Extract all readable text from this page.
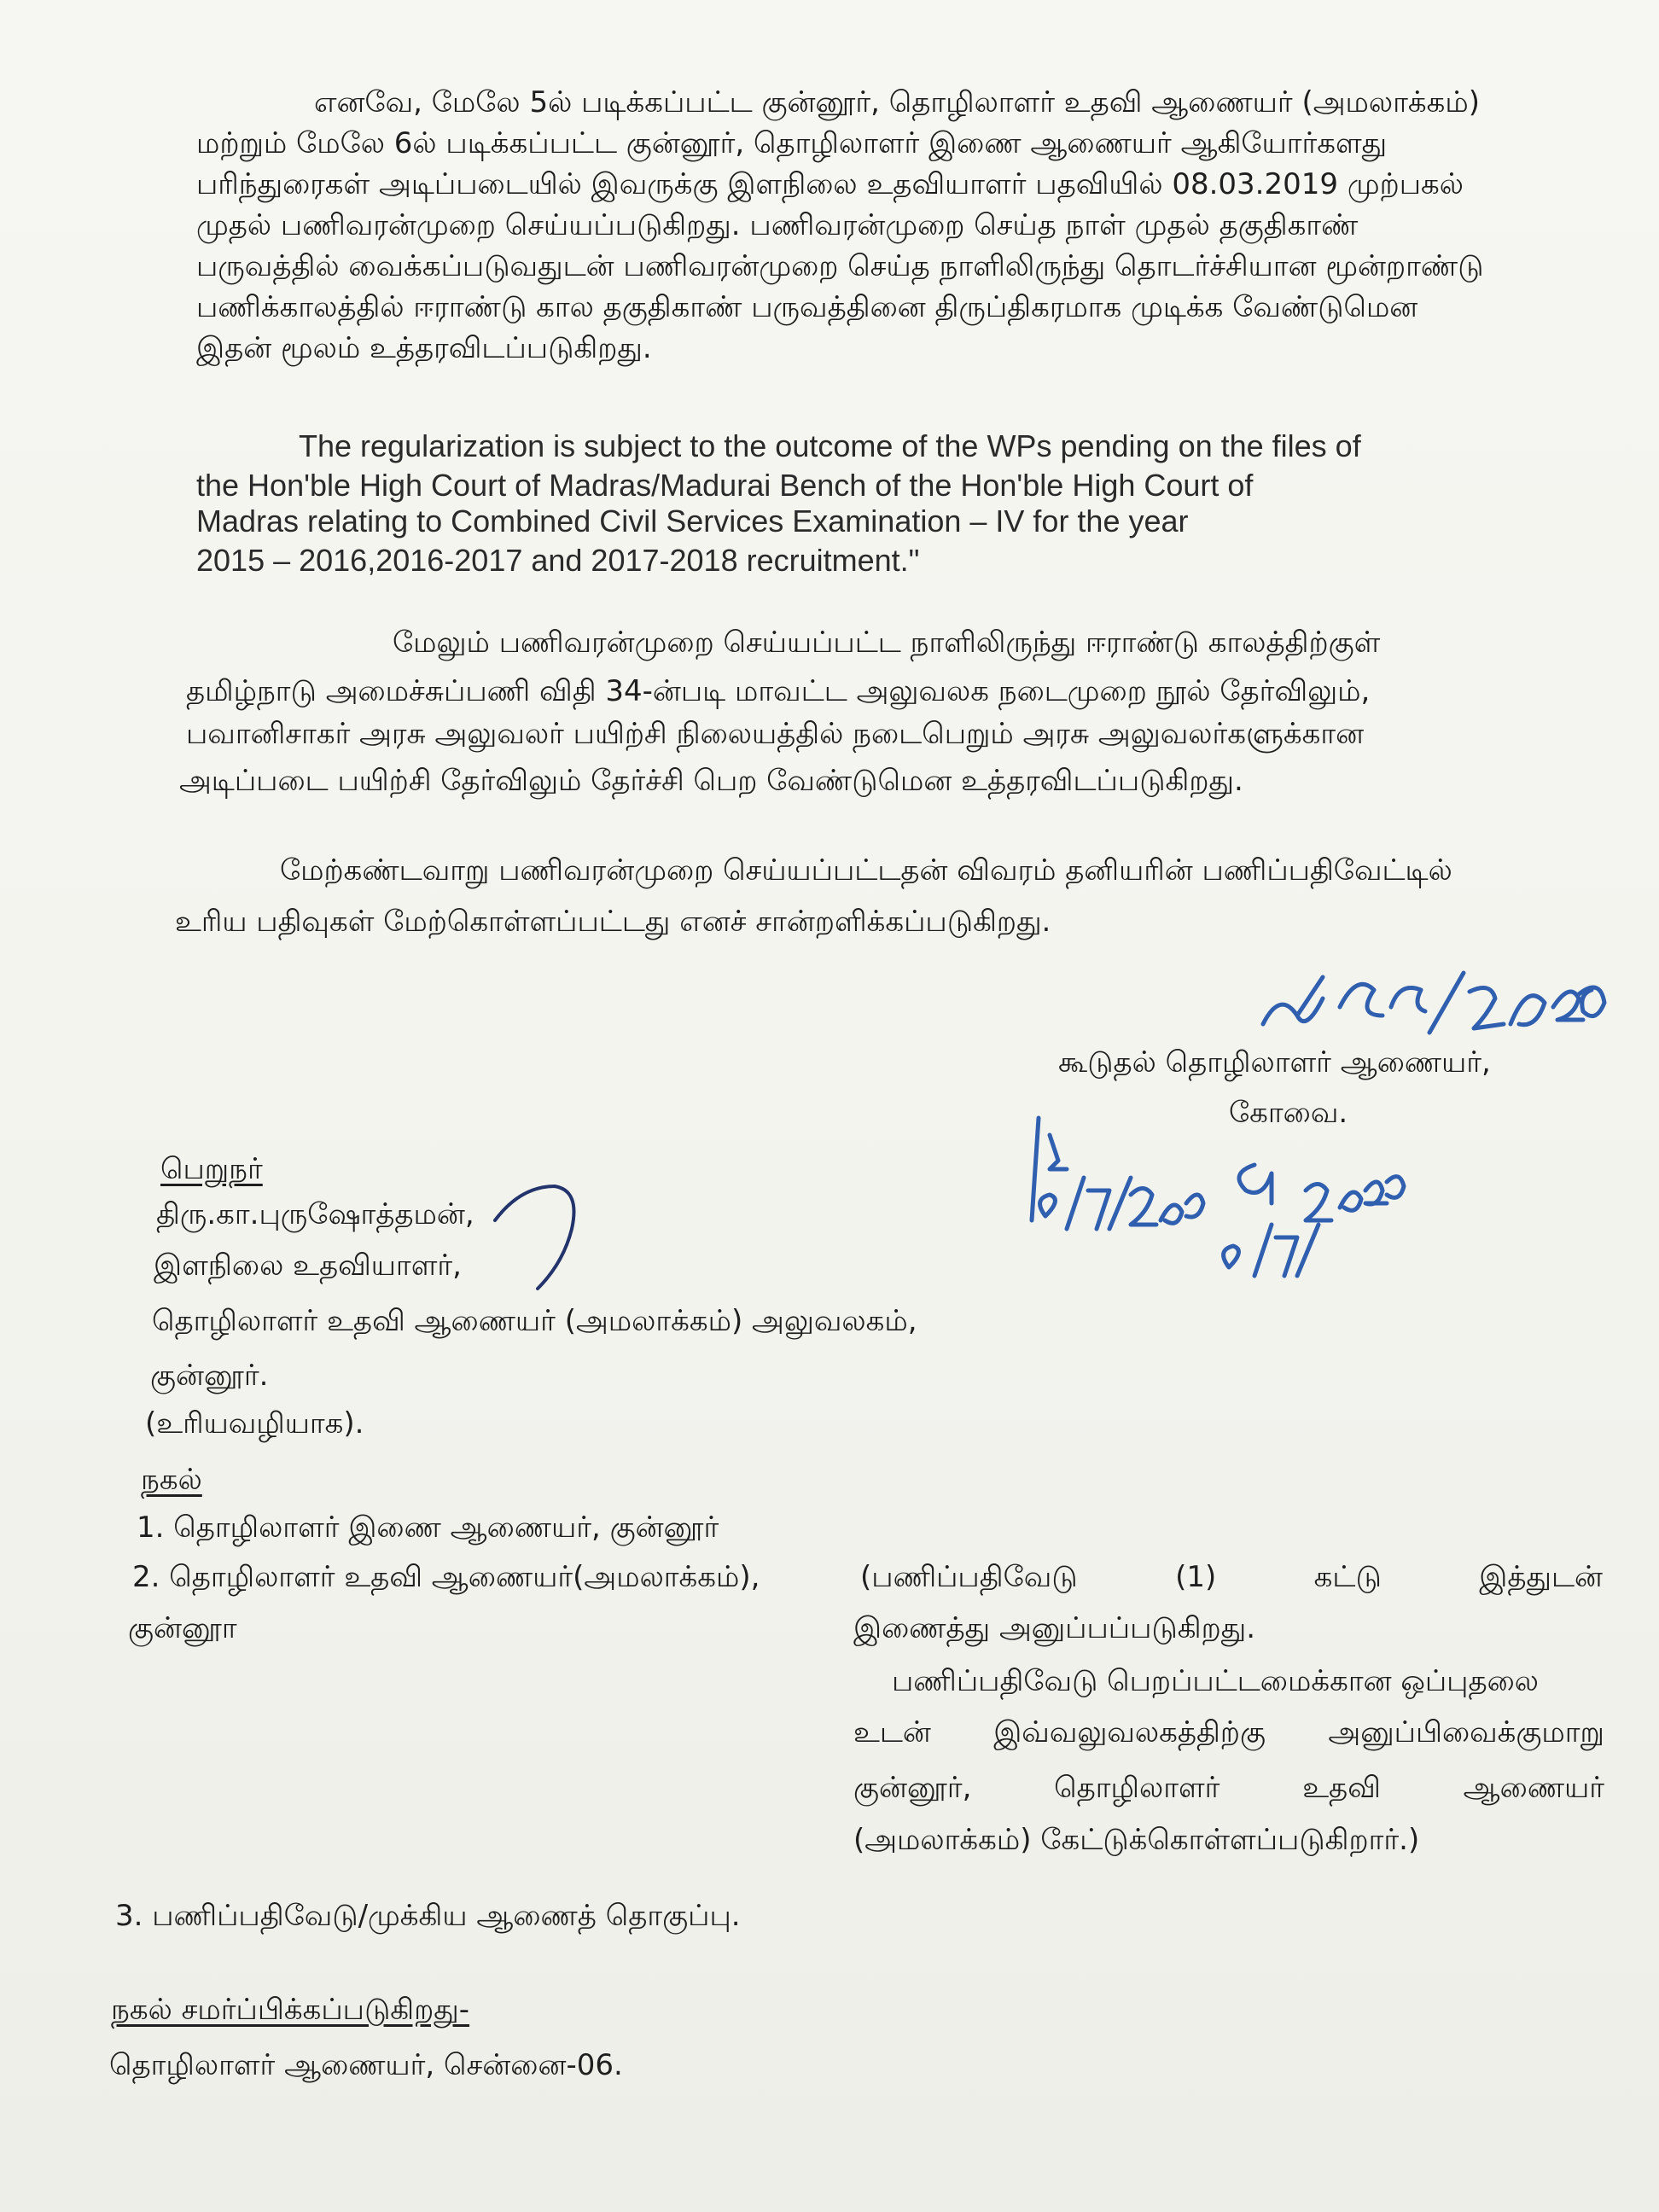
எனவே, மேலே 5ல் படிக்கப்பட்ட குன்னூர், தொழிலாளர் உதவி ஆணையர் (அமலாக்கம்)
மற்றும் மேலே 6ல் படிக்கப்பட்ட குன்னூர், தொழிலாளர் இணை ஆணையர் ஆகியோர்களது
பரிந்துரைகள் அடிப்படையில் இவருக்கு இளநிலை உதவியாளர் பதவியில் 08.03.2019 முற்பகல்
முதல் பணிவரன்முறை செய்யப்படுகிறது. பணிவரன்முறை செய்த நாள் முதல் தகுதிகாண்
பருவத்தில் வைக்கப்படுவதுடன் பணிவரன்முறை செய்த நாளிலிருந்து தொடர்ச்சியான மூன்றாண்டு
பணிக்காலத்தில் ஈராண்டு கால தகுதிகாண் பருவத்தினை திருப்திகரமாக முடிக்க வேண்டுமென
இதன் மூலம் உத்தரவிடப்படுகிறது.
The regularization is subject to the outcome of the WPs pending on the files of
the Hon'ble High Court of Madras/Madurai Bench of the Hon'ble High Court of
Madras relating to Combined Civil Services Examination – IV for the year
2015 – 2016,2016-2017 and 2017-2018 recruitment."
மேலும் பணிவரன்முறை செய்யப்பட்ட நாளிலிருந்து ஈராண்டு காலத்திற்குள்
தமிழ்நாடு அமைச்சுப்பணி விதி 34-ன்படி மாவட்ட அலுவலக நடைமுறை நூல் தேர்விலும்,
பவானிசாகர் அரசு அலுவலர் பயிற்சி நிலையத்தில் நடைபெறும் அரசு அலுவலர்களுக்கான
அடிப்படை பயிற்சி தேர்விலும் தேர்ச்சி பெற வேண்டுமென உத்தரவிடப்படுகிறது.
மேற்கண்டவாறு பணிவரன்முறை செய்யப்பட்டதன் விவரம் தனியரின் பணிப்பதிவேட்டில்
உரிய பதிவுகள் மேற்கொள்ளப்பட்டது எனச் சான்றளிக்கப்படுகிறது.
கூடுதல் தொழிலாளர் ஆணையர்,
கோவை.
பெறுநர்
திரு.கா.புருஷோத்தமன்,
இளநிலை உதவியாளர்,
தொழிலாளர் உதவி ஆணையர் (அமலாக்கம்) அலுவலகம்,
குன்னூர்.
(உரியவழியாக).
நகல்
1. தொழிலாளர் இணை ஆணையர், குன்னூர்
2. தொழிலாளர் உதவி ஆணையர்(அமலாக்கம்),
குன்னூா
(பணிப்பதிவேடு	(1)	கட்டு	இத்துடன்
இணைத்து அனுப்பப்படுகிறது.
பணிப்பதிவேடு பெறப்பட்டமைக்கான ஒப்புதலை
உடன் இவ்வலுவலகத்திற்கு அனுப்பிவைக்குமாறு
குன்னூர்,	தொழிலாளர்	உதவி	ஆணையர்
(அமலாக்கம்) கேட்டுக்கொள்ளப்படுகிறார்.)
3. பணிப்பதிவேடு/முக்கிய ஆணைத் தொகுப்பு.
நகல் சமர்ப்பிக்கப்படுகிறது-
தொழிலாளர் ஆணையர், சென்னை-06.
